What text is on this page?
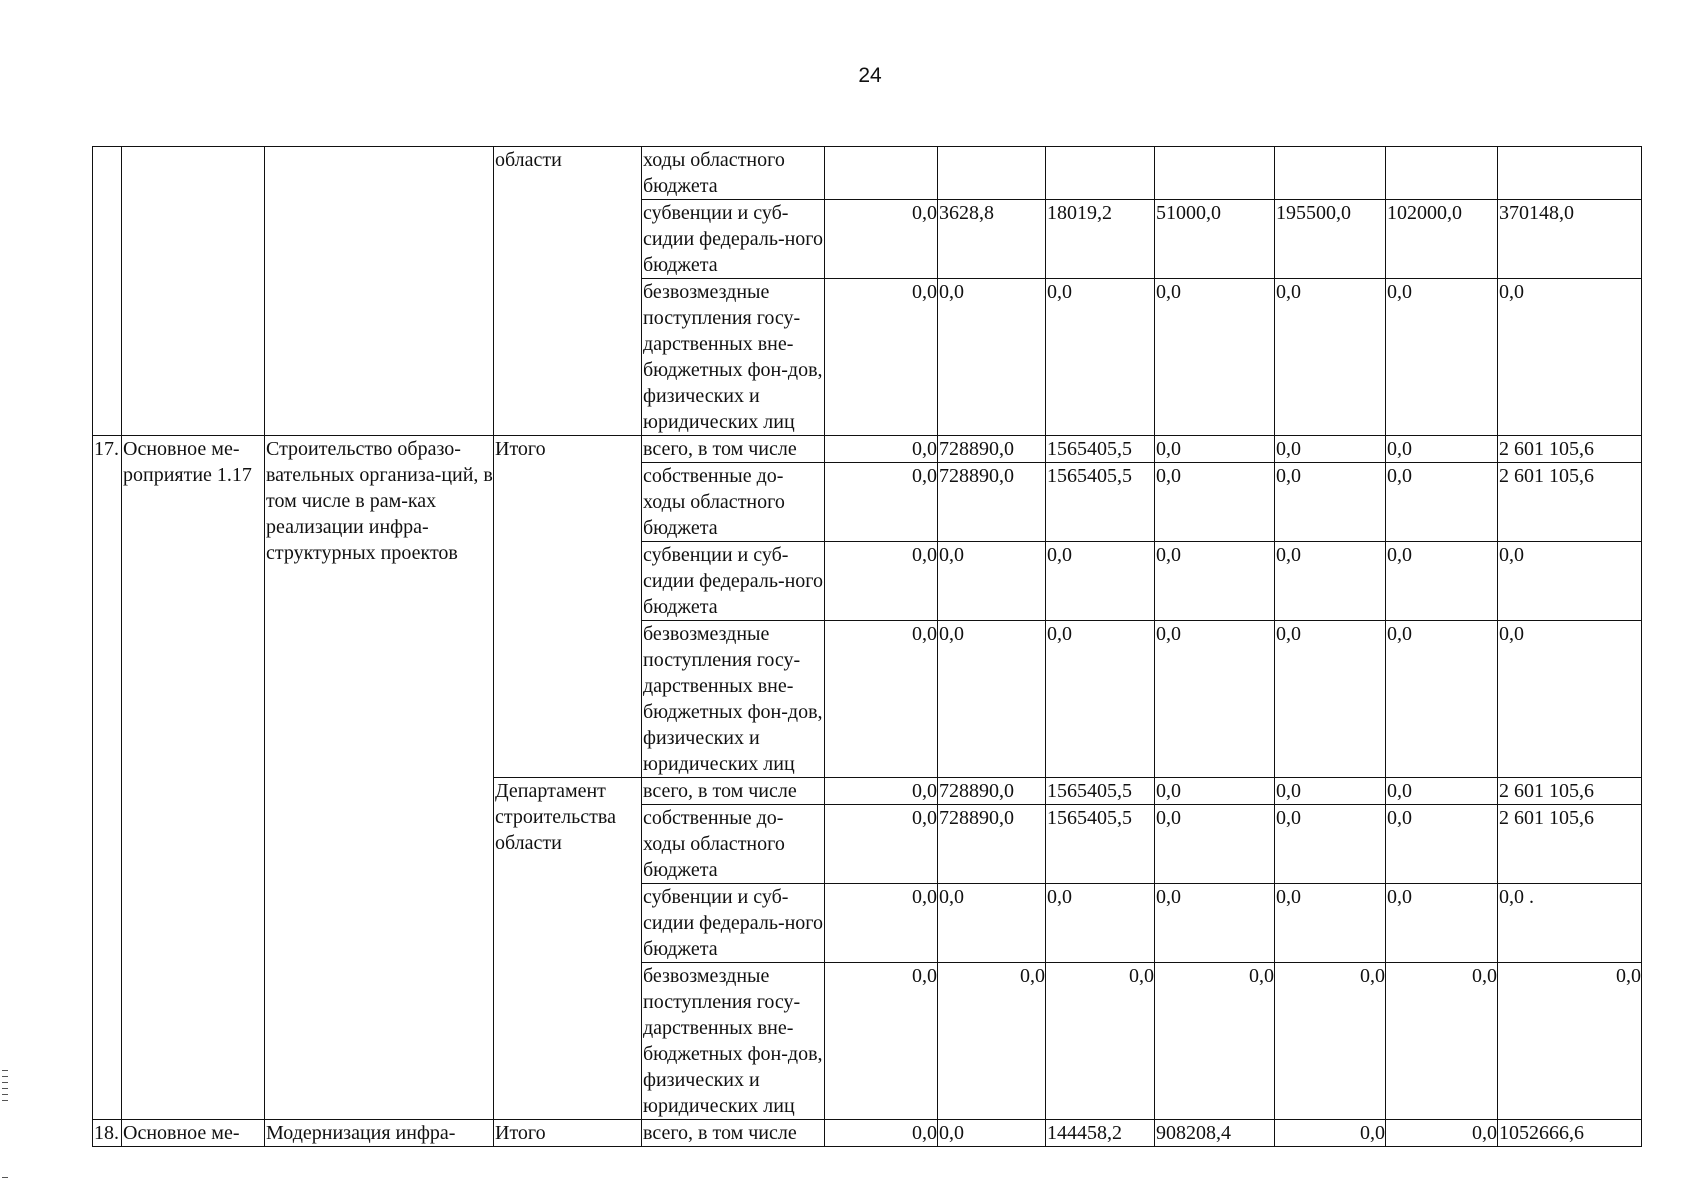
24
			области	ходы областного бюджета							
				субвенции и суб-сидии федераль-ного бюджета	0,0	3628,8	18019,2	51000,0	195500,0	102000,0	370148,0
				безвозмездные поступления госу-дарственных вне-бюджетных фон-дов, физических и юридических лиц	0,0	0,0	0,0	0,0	0,0	0,0	0,0
17.	Основное ме-роприятие 1.17	Строительство образо-вательных организа-ций, в том числе в рам-ках реализации инфра-структурных проектов	Итого	всего, в том числе	0,0	728890,0	1565405,5	0,0	0,0	0,0	2 601 105,6
				собственные до-ходы областного бюджета	0,0	728890,0	1565405,5	0,0	0,0	0,0	2 601 105,6
				субвенции и суб-сидии федераль-ного бюджета	0,0	0,0	0,0	0,0	0,0	0,0	0,0
				безвозмездные поступления госу-дарственных вне-бюджетных фон-дов, физических и юридических лиц	0,0	0,0	0,0	0,0	0,0	0,0	0,0
			Департамент строительства области	всего, в том числе	0,0	728890,0	1565405,5	0,0	0,0	0,0	2 601 105,6
				собственные до-ходы областного бюджета	0,0	728890,0	1565405,5	0,0	0,0	0,0	2 601 105,6
				субвенции и суб-сидии федераль-ного бюджета	0,0	0,0	0,0	0,0	0,0	0,0	0,0 .
				безвозмездные поступления госу-дарственных вне-бюджетных фон-дов, физических и юридических лиц	0,0	0,0	0,0	0,0	0,0	0,0	0,0
18.	Основное ме-	Модернизация инфра-	Итого	всего, в том числе	0,0	0,0	144458,2	908208,4	0,0	0,0	1052666,6
